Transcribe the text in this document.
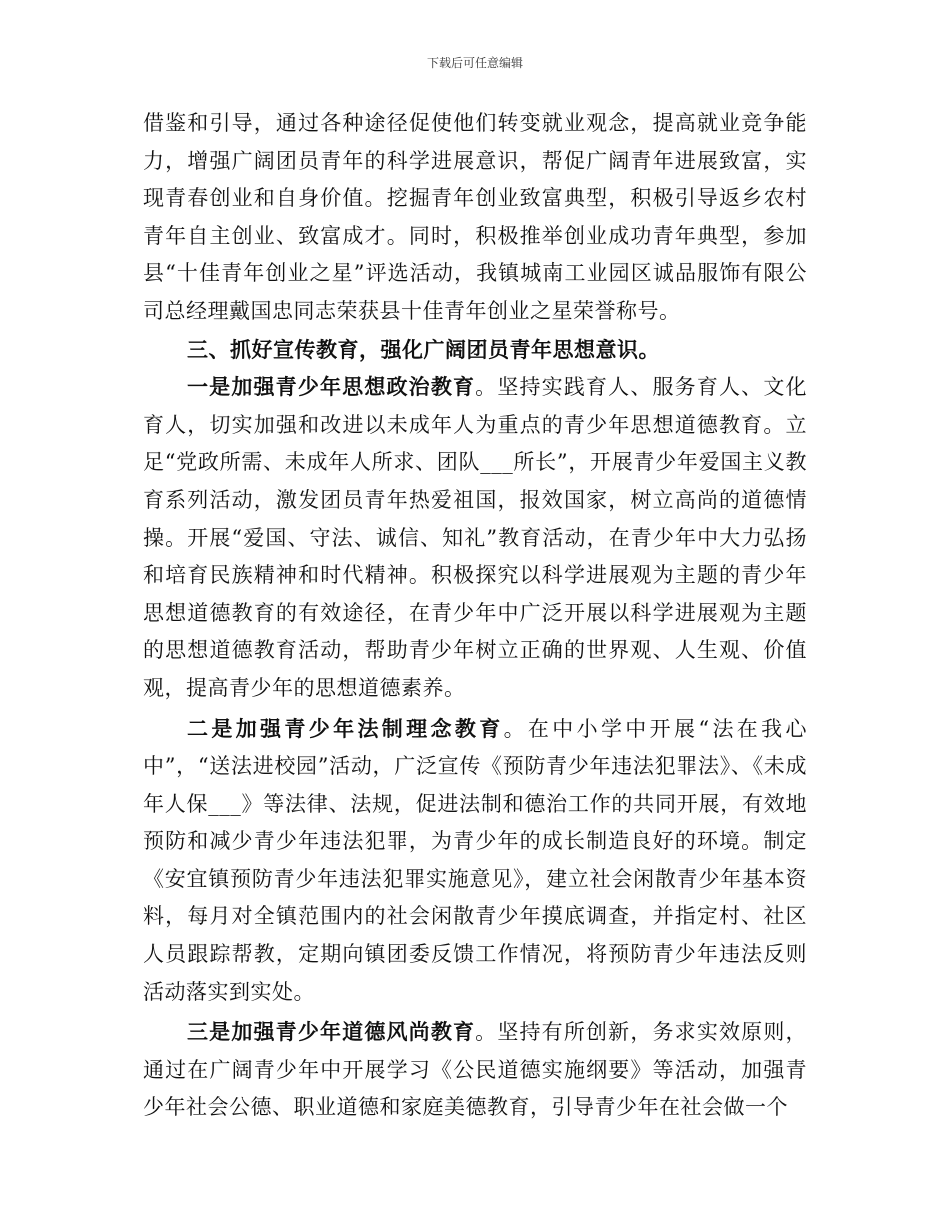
下载后可任意编辑

借鉴和引导，通过各种途径促使他们转变就业观念，提高就业竞争能力，增强广阔团员青年的科学进展意识，帮促广阔青年进展致富，实现青春创业和自身价值。挖掘青年创业致富典型，积极引导返乡农村青年自主创业、致富成才。同时，积极推举创业成功青年典型，参加县“十佳青年创业之星”评选活动，我镇城南工业园区诚品服饰有限公司总经理戴国忠同志荣获县十佳青年创业之星荣誉称号。

三、抓好宣传教育，强化广阔团员青年思想意识。

一是加强青少年思想政治教育。坚持实践育人、服务育人、文化育人，切实加强和改进以未成年人为重点的青少年思想道德教育。立足“党政所需、未成年人所求、团队___所长”，开展青少年爱国主义教育系列活动，激发团员青年热爱祖国，报效国家，树立高尚的道德情操。开展“爱国、守法、诚信、知礼”教育活动，在青少年中大力弘扬和培育民族精神和时代精神。积极探究以科学进展观为主题的青少年思想道德教育的有效途径，在青少年中广泛开展以科学进展观为主题的思想道德教育活动，帮助青少年树立正确的世界观、人生观、价值观，提高青少年的思想道德素养。

二是加强青少年法制理念教育。在中小学中开展“法在我心中”，“送法进校园”活动，广泛宣传《预防青少年违法犯罪法》、《未成年人保___》等法律、法规，促进法制和德治工作的共同开展，有效地预防和减少青少年违法犯罪，为青少年的成长制造良好的环境。制定《安宜镇预防青少年违法犯罪实施意见》，建立社会闲散青少年基本资料，每月对全镇范围内的社会闲散青少年摸底调查，并指定村、社区人员跟踪帮教，定期向镇团委反馈工作情况，将预防青少年违法反则活动落实到实处。

三是加强青少年道德风尚教育。坚持有所创新，务求实效原则，通过在广阔青少年中开展学习《公民道德实施纲要》等活动，加强青少年社会公德、职业道德和家庭美德教育，引导青少年在社会做一个
